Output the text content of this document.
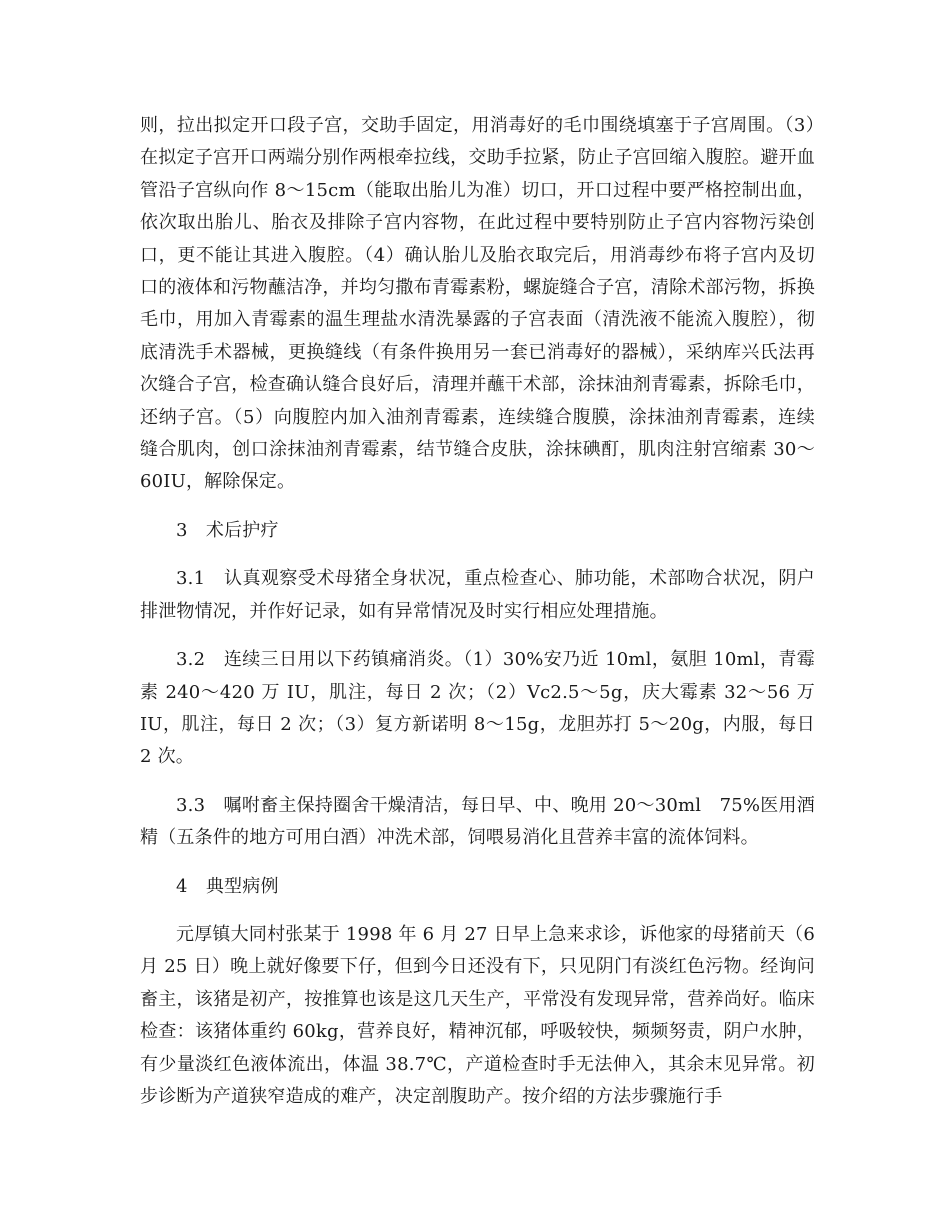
则，拉出拟定开口段子宫，交助手固定，用消毒好的毛巾围绕填塞于子宫周围。（3）在拟定子宫开口两端分别作两根牵拉线，交助手拉紧，防止子宫回缩入腹腔。避开血管沿子宫纵向作 8～15cm（能取出胎儿为准）切口，开口过程中要严格控制出血，依次取出胎儿、胎衣及排除子宫内容物，在此过程中要特别防止子宫内容物污染创口，更不能让其进入腹腔。（4）确认胎儿及胎衣取完后，用消毒纱布将子宫内及切口的液体和污物蘸洁净，并均匀撒布青霉素粉，螺旋缝合子宫，清除术部污物，拆换毛巾，用加入青霉素的温生理盐水清洗暴露的子宫表面（清洗液不能流入腹腔），彻底清洗手术器械，更换缝线（有条件换用另一套已消毒好的器械），采纳库兴氏法再次缝合子宫，检查确认缝合良好后，清理并蘸干术部，涂抹油剂青霉素，拆除毛巾，还纳子宫。（5）向腹腔内加入油剂青霉素，连续缝合腹膜，涂抹油剂青霉素，连续缝合肌肉，创口涂抹油剂青霉素，结节缝合皮肤，涂抹碘酊，肌肉注射宫缩素 30～60IU，解除保定。

3　术后护疗

3.1　认真观察受术母猪全身状况，重点检查心、肺功能，术部吻合状况，阴户排泄物情况，并作好记录，如有异常情况及时实行相应处理措施。

3.2　连续三日用以下药镇痛消炎。（1）30%安乃近 10ml，氨胆 10ml，青霉素 240～420 万 IU，肌注，每日 2 次；（2）Vc2.5～5g，庆大霉素 32～56 万 IU，肌注，每日 2 次；（3）复方新诺明 8～15g，龙胆苏打 5～20g，内服，每日 2 次。

3.3　嘱咐畜主保持圈舍干燥清洁，每日早、中、晚用 20～30ml　75%医用酒精（五条件的地方可用白酒）冲洗术部，饲喂易消化且营养丰富的流体饲料。

4　典型病例

元厚镇大同村张某于 1998 年 6 月 27 日早上急来求诊，诉他家的母猪前天（6 月 25 日）晚上就好像要下仔，但到今日还没有下，只见阴门有淡红色污物。经询问畜主，该猪是初产，按推算也该是这几天生产，平常没有发现异常，营养尚好。临床检查：该猪体重约 60kg，营养良好，精神沉郁，呼吸较快，频频努责，阴户水肿，有少量淡红色液体流出，体温 38.7℃，产道检查时手无法伸入，其余末见异常。初步诊断为产道狭窄造成的难产，决定剖腹助产。按介绍的方法步骤施行手
